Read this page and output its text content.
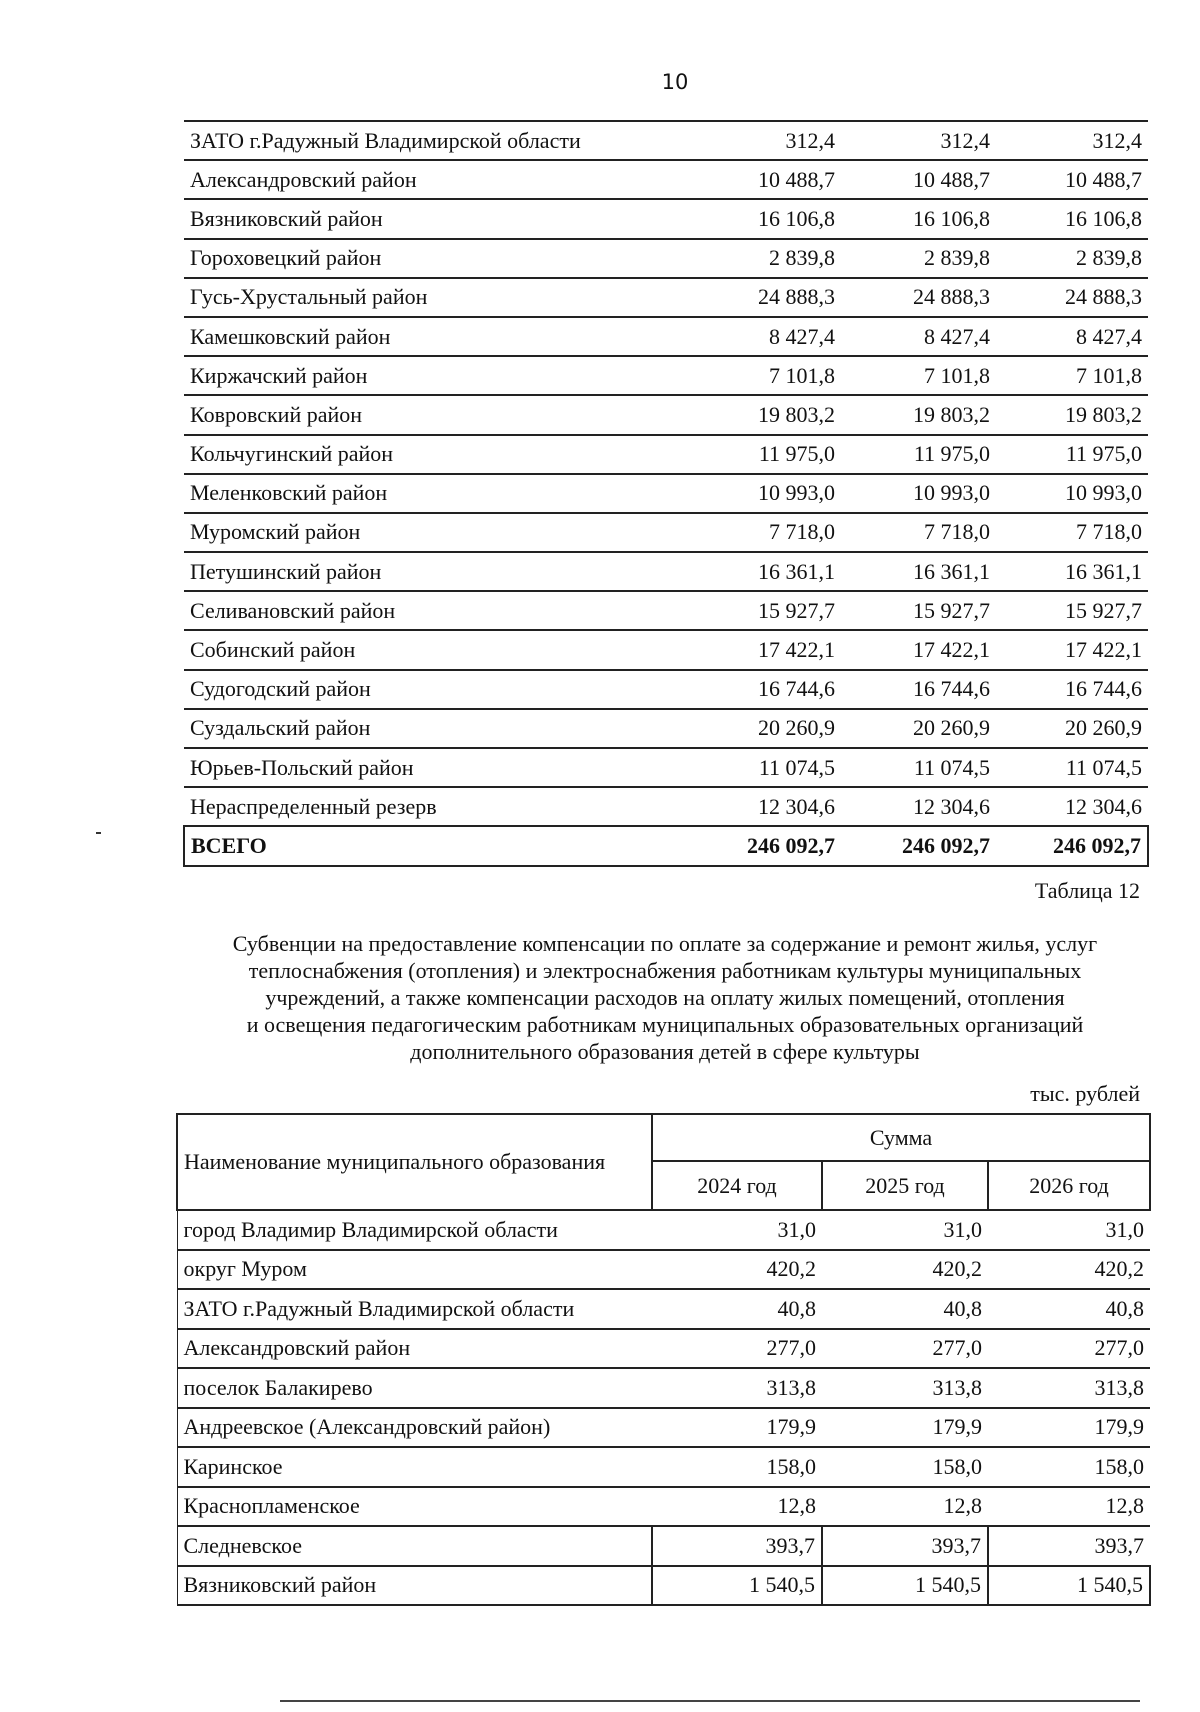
10
ЗАТО г.Радужный Владимирской области	312,4	312,4	312,4
Александровский район	10 488,7	10 488,7	10 488,7
Вязниковский район	16 106,8	16 106,8	16 106,8
Гороховецкий район	2 839,8	2 839,8	2 839,8
Гусь-Хрустальный район	24 888,3	24 888,3	24 888,3
Камешковский район	8 427,4	8 427,4	8 427,4
Киржачский район	7 101,8	7 101,8	7 101,8
Ковровский район	19 803,2	19 803,2	19 803,2
Кольчугинский район	11 975,0	11 975,0	11 975,0
Меленковский район	10 993,0	10 993,0	10 993,0
Муромский район	7 718,0	7 718,0	7 718,0
Петушинский район	16 361,1	16 361,1	16 361,1
Селивановский район	15 927,7	15 927,7	15 927,7
Собинский район	17 422,1	17 422,1	17 422,1
Судогодский район	16 744,6	16 744,6	16 744,6
Суздальский район	20 260,9	20 260,9	20 260,9
Юрьев-Польский район	11 074,5	11 074,5	11 074,5
Нераспределенный резерв	12 304,6	12 304,6	12 304,6
ВСЕГО	246 092,7	246 092,7	246 092,7
Таблица 12

Субвенции на предоставление компенсации по оплате за содержание и ремонт жилья, услуг
теплоснабжения (отопления) и электроснабжения работникам культуры муниципальных
учреждений, а также компенсации расходов на оплату жилых помещений, отопления
и освещения педагогическим работникам муниципальных образовательных организаций
дополнительного образования детей в сфере культуры

тыс. рублей
Наименование муниципального образования	Сумма		
	2024 год	2025 год	2026 год
город Владимир Владимирской области	31,0	31,0	31,0
округ Муром	420,2	420,2	420,2
ЗАТО г.Радужный Владимирской области	40,8	40,8	40,8
Александровский район	277,0	277,0	277,0
поселок Балакирево	313,8	313,8	313,8
Андреевское (Александровский район)	179,9	179,9	179,9
Каринское	158,0	158,0	158,0
Краснопламенское	12,8	12,8	12,8
Следневское	393,7	393,7	393,7
Вязниковский район	1 540,5	1 540,5	1 540,5
